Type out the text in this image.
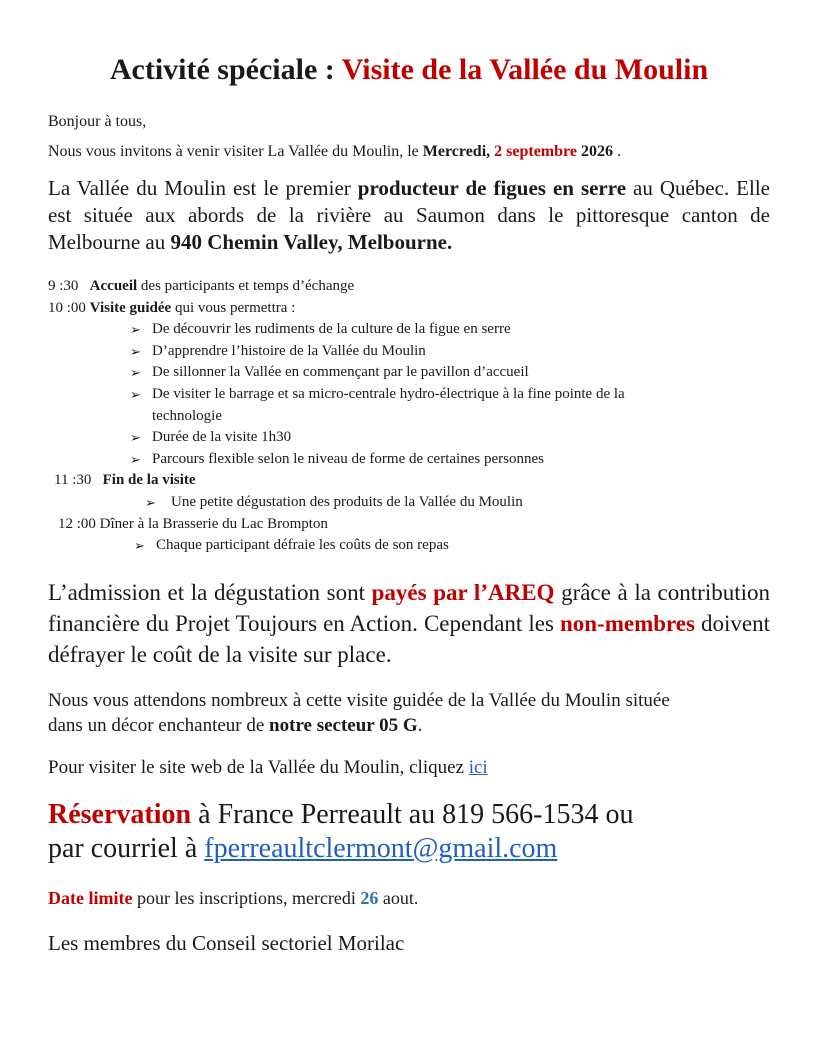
Activité spéciale : Visite de la Vallée du Moulin

Bonjour à tous,

Nous vous invitons à venir visiter La Vallée du Moulin, le Mercredi, 2 septembre 2026 .

La Vallée du Moulin est le premier producteur de figues en serre au Québec. Elle est située aux abords de la rivière au Saumon dans le pittoresque canton de Melbourne au 940 Chemin Valley, Melbourne.

9 :30 Accueil des participants et temps d’échange
10 :00 Visite guidée qui vous permettra :
➢ De découvrir les rudiments de la culture de la figue en serre
➢ D’apprendre l’histoire de la Vallée du Moulin
➢ De sillonner la Vallée en commençant par le pavillon d’accueil
➢ De visiter le barrage et sa micro-centrale hydro-électrique à la fine pointe de la technologie
➢ Durée de la visite 1h30
➢ Parcours flexible selon le niveau de forme de certaines personnes
11 :30 Fin de la visite
➢	Une petite dégustation des produits de la Vallée du Moulin
12 :00 Dîner à la Brasserie du Lac Brompton
➢ Chaque participant défraie les coûts de son repas

L’admission et la dégustation sont payés par l’AREQ grâce à la contribution financière du Projet Toujours en Action. Cependant les non-membres doivent défrayer le coût de la visite sur place.

Nous vous attendons nombreux à cette visite guidée de la Vallée du Moulin située dans un décor enchanteur de notre secteur 05 G.

Pour visiter le site web de la Vallée du Moulin, cliquez ici

Réservation à France Perreault au 819 566-1534 ou

par courriel à fperreaultclermont@gmail.com

Date limite pour les inscriptions, mercredi 26 aout.

Les membres du Conseil sectoriel Morilac
